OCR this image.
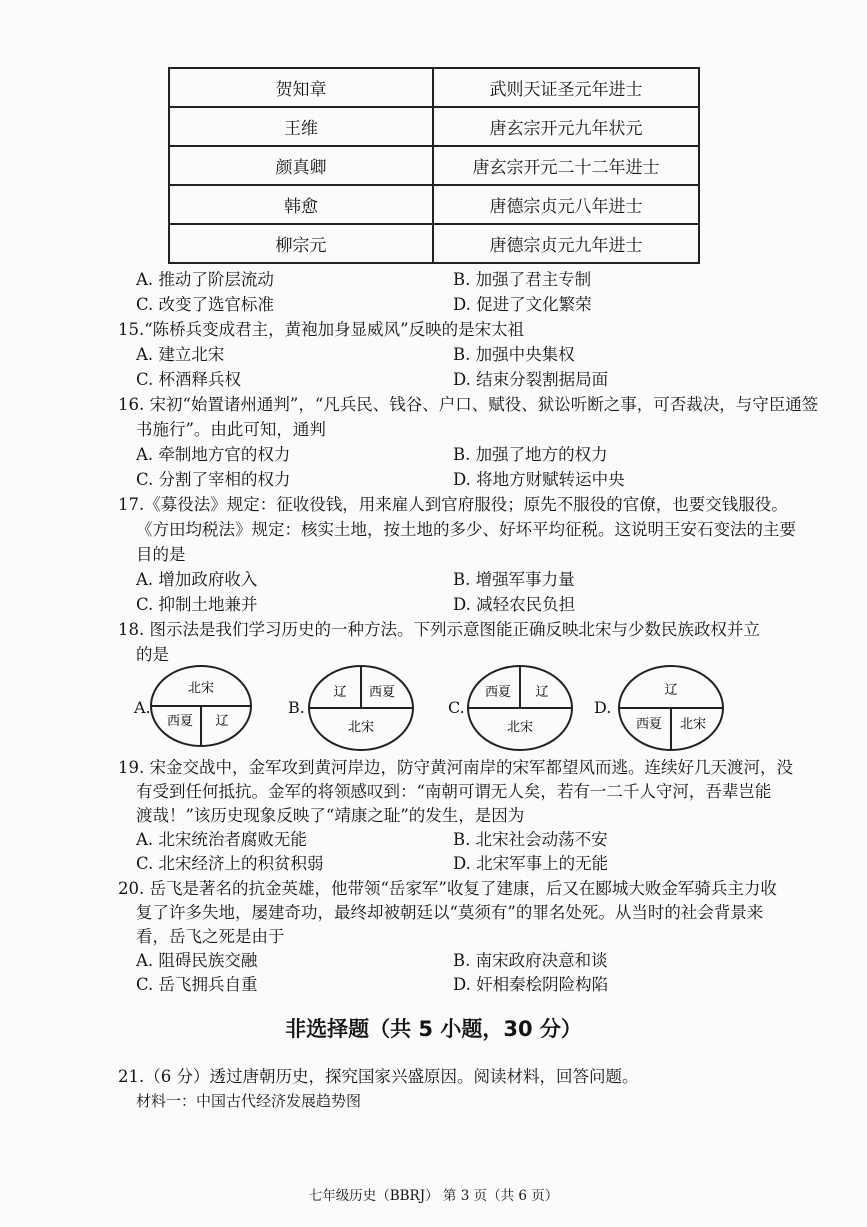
贺知章	武则天证圣元年进士
王维	唐玄宗开元九年状元
颜真卿	唐玄宗开元二十二年进士
韩愈	唐德宗贞元八年进士
柳宗元	唐德宗贞元九年进士
A. 推动了阶层流动	B. 加强了君主专制
C. 改变了选官标准	D. 促进了文化繁荣
15.“陈桥兵变成君主，黄袍加身显威风”反映的是宋太祖
A. 建立北宋	B. 加强中央集权
C. 杯酒释兵权	D. 结束分裂割据局面
16. 宋初“始置诸州通判”，“凡兵民、钱谷、户口、赋役、狱讼听断之事，可否裁决，与守臣通签
书施行”。由此可知，通判
A. 牵制地方官的权力	B. 加强了地方的权力
C. 分割了宰相的权力	D. 将地方财赋转运中央
17.《募役法》规定：征收役钱，用来雇人到官府服役；原先不服役的官僚，也要交钱服役。
《方田均税法》规定：核实土地，按土地的多少、好坏平均征税。这说明王安石变法的主要
目的是
A. 增加政府收入	B. 增强军事力量
C. 抑制土地兼并	D. 减轻农民负担
18. 图示法是我们学习历史的一种方法。下列示意图能正确反映北宋与少数民族政权并立
的是
A.
北宋
西夏 辽
B.
辽 西夏
北宋
C.
西夏 辽
北宋
D.
辽
西夏 北宋
19. 宋金交战中，金军攻到黄河岸边，防守黄河南岸的宋军都望风而逃。连续好几天渡河，没
有受到任何抵抗。金军的将领感叹到：“南朝可谓无人矣，若有一二千人守河，吾辈岂能
渡哉！”该历史现象反映了“靖康之耻”的发生，是因为
A. 北宋统治者腐败无能	B. 北宋社会动荡不安
C. 北宋经济上的积贫积弱	D. 北宋军事上的无能
20. 岳飞是著名的抗金英雄，他带领“岳家军”收复了建康，后又在郾城大败金军骑兵主力收
复了许多失地，屡建奇功，最终却被朝廷以“莫须有”的罪名处死。从当时的社会背景来
看，岳飞之死是由于
A. 阻碍民族交融	B. 南宋政府决意和谈
C. 岳飞拥兵自重	D. 奸相秦桧阴险构陷
非选择题（共 5 小题，30 分）
21.（6 分）透过唐朝历史，探究国家兴盛原因。阅读材料，回答问题。
材料一：中国古代经济发展趋势图
七年级历史（BBRJ） 第 3 页（共 6 页）
